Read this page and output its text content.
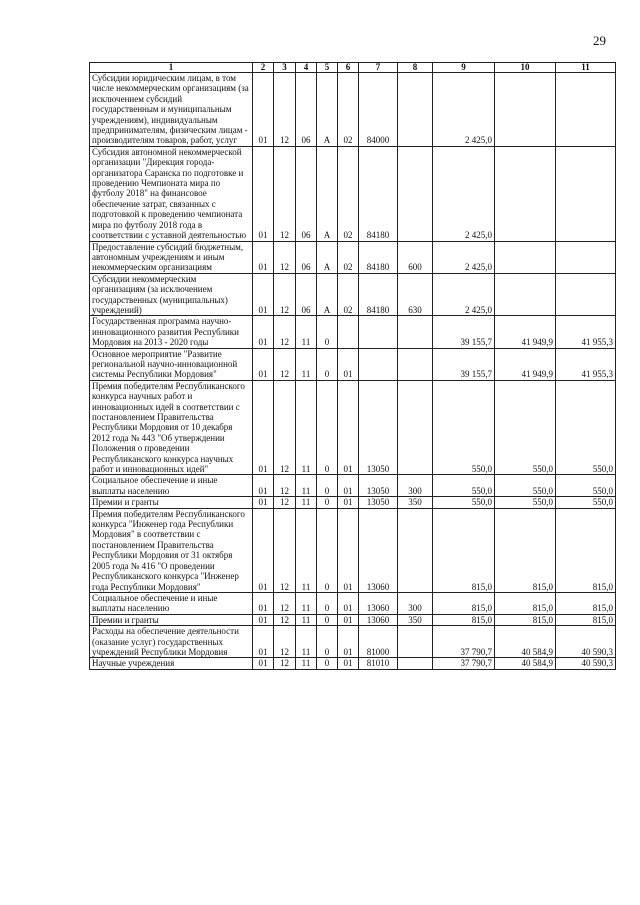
29
1	2	3	4	5	6	7	8	9	10	11
Субсидии юридическим лицам, в том числе некоммерческим организациям (за исключением субсидий государственным и муниципальным учреждениям), индивидуальным предпринимателям, физическим лицам - производителям товаров, работ, услуг	01	12	06	А	02	84000		2 425,0		
Субсидия автономной некоммерческой организации "Дирекция города-организатора Саранска по подготовке и проведению Чемпионата мира по футболу 2018" на финансовое обеспечение затрат, связанных с подготовкой к проведению чемпионата мира по футболу 2018 года в соответствии с уставной деятельностью	01	12	06	А	02	84180		2 425,0		
Предоставление субсидий бюджетным, автономным учреждениям и иным некоммерческим организациям	01	12	06	А	02	84180	600	2 425,0		
Субсидии некоммерческим организациям (за исключением государственных (муниципальных) учреждений)	01	12	06	А	02	84180	630	2 425,0		
Государственная программа научно-инновационного развития Республики Мордовия на 2013 - 2020 годы	01	12	11	0				39 155,7	41 949,9	41 955,3
Основное мероприятие "Развитие региональной научно-инновационной системы Республики Мордовия"	01	12	11	0	01			39 155,7	41 949,9	41 955,3
Премия победителям Республиканского конкурса научных работ и инновационных идей в соответствии с постановлением Правительства Республики Мордовия от 10 декабря 2012 года № 443 "Об утверждении Положения о проведении Республиканского конкурса научных работ и инновационных идей"	01	12	11	0	01	13050		550,0	550,0	550,0
Социальное обеспечение и иные выплаты населению	01	12	11	0	01	13050	300	550,0	550,0	550,0
Премии и гранты	01	12	11	0	01	13050	350	550,0	550,0	550,0
Премия победителям Республиканского конкурса "Инженер года Республики Мордовия" в соответствии с постановлением Правительства Республики Мордовия от 31 октября 2005 года № 416 "О проведении Республиканского конкурса "Инженер года Республики Мордовия"	01	12	11	0	01	13060		815,0	815,0	815,0
Социальное обеспечение и иные выплаты населению	01	12	11	0	01	13060	300	815,0	815,0	815,0
Премии и гранты	01	12	11	0	01	13060	350	815,0	815,0	815,0
Расходы на обеспечение деятельности (оказание услуг) государственных учреждений Республики Мордовия	01	12	11	0	01	81000		37 790,7	40 584,9	40 590,3
Научные учреждения	01	12	11	0	01	81010		37 790,7	40 584,9	40 590,3
